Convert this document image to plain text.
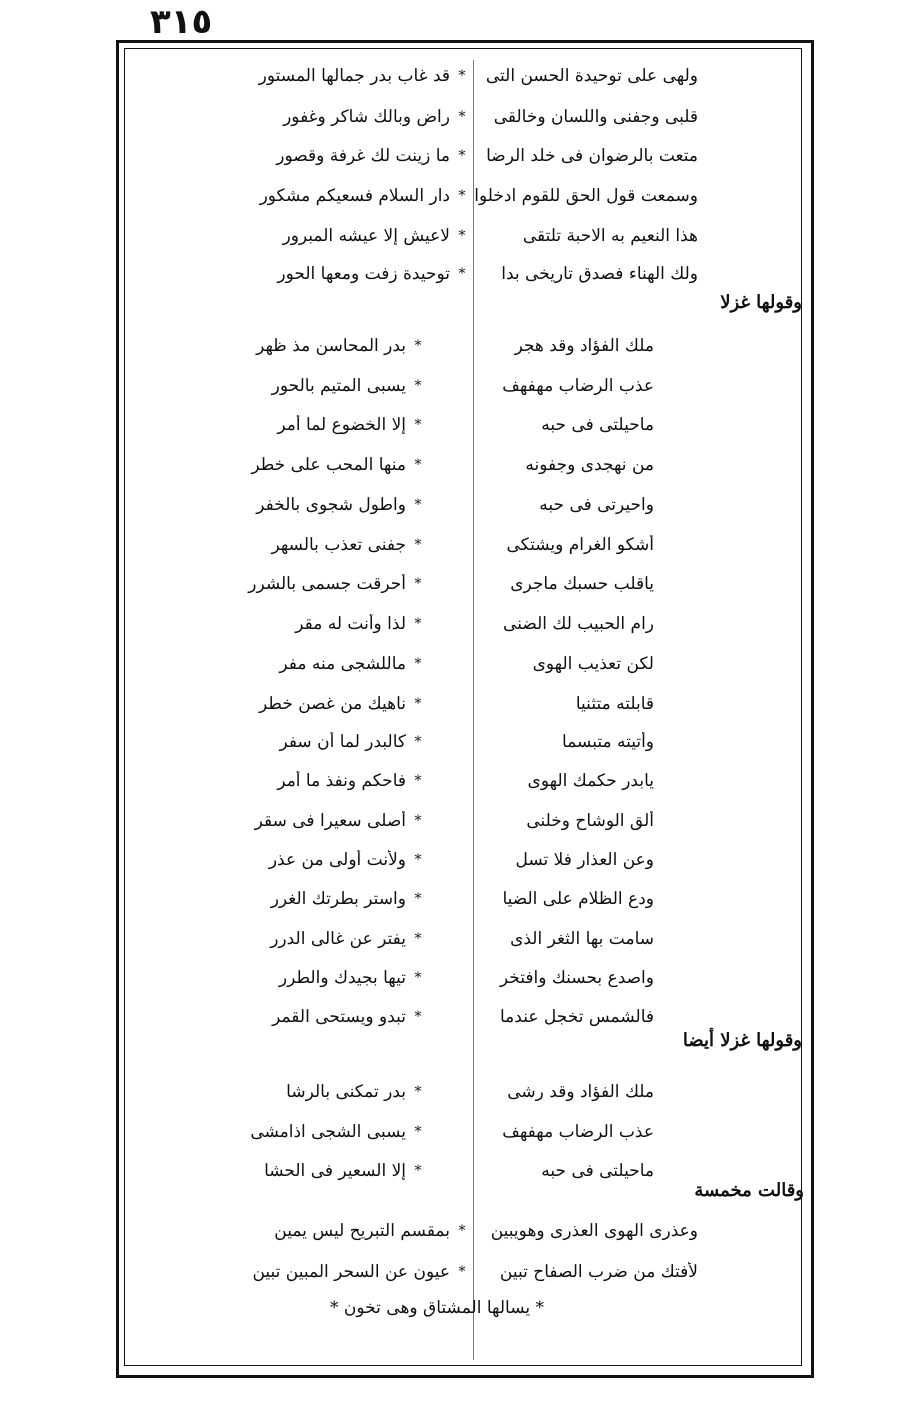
٣١٥
ولهى على توحيدة الحسن التى
*
قد غاب بدر جمالها المستور
قلبى وجفنى واللسان وخالقى
*
راض وبالك شاكر وغفور
متعت بالرضوان فى خلد الرضا
*
ما زينت لك غرفة وقصور
وسمعت قول الحق للقوم ادخلوا
*
دار السلام فسعيكم مشكور
هذا النعيم به الاحبة تلتقى
*
لاعيش إلا عيشه المبرور
ولك الهناء فصدق تاريخى بدا
*
توحيدة زفت ومعها الحور
وقولها غزلا
ملك الفؤاد وقد هجر
*
بدر المحاسن مذ ظهر
عذب الرضاب مهفهف
*
يسبى المتيم بالحور
ماحيلتى فى حبه
*
إلا الخضوع لما أمر
من نهجدى وجفونه
*
منها المحب على خطر
واحيرتى فى حبه
*
واطول شجوى بالخفر
أشكو الغرام ويشتكى
*
جفنى تعذب بالسهر
ياقلب حسبك ماجرى
*
أحرقت جسمى بالشرر
رام الحبيب لك الضنى
*
لذا وأنت له مقر
لكن تعذيب الهوى
*
ماللشجى منه مفر
قابلته متثنيا
*
ناهيك من غصن خطر
وأتيته متبسما
*
كالبدر لما أن سفر
يابدر حكمك الهوى
*
فاحكم ونفذ ما أمر
ألق الوشاح وخلنى
*
أصلى سعيرا فى سقر
وعن العذار فلا تسل
*
ولأنت أولى من عذر
ودع الظلام على الضيا
*
واستر بطرتك الغرر
سامت بها الثغر الذى
*
يفتر عن غالى الدرر
واصدع بحسنك وافتخر
*
تيها بجيدك والطرر
فالشمس تخجل عندما
*
تبدو ويستحى القمر
وقولها غزلا أيضا
ملك الفؤاد وقد رشى
*
بدر تمكنى بالرشا
عذب الرضاب مهفهف
*
يسبى الشجى اذامشى
ماحيلتى فى حبه
*
إلا السعير فى الحشا
وقالت مخمسة
وعذرى الهوى العذرى وهويبين
*
بمقسم التبريح ليس يمين
لأفتك من ضرب الصفاح تبين
*
عيون عن السحر المبين تبين
* يسالها المشتاق وهى تخون *
